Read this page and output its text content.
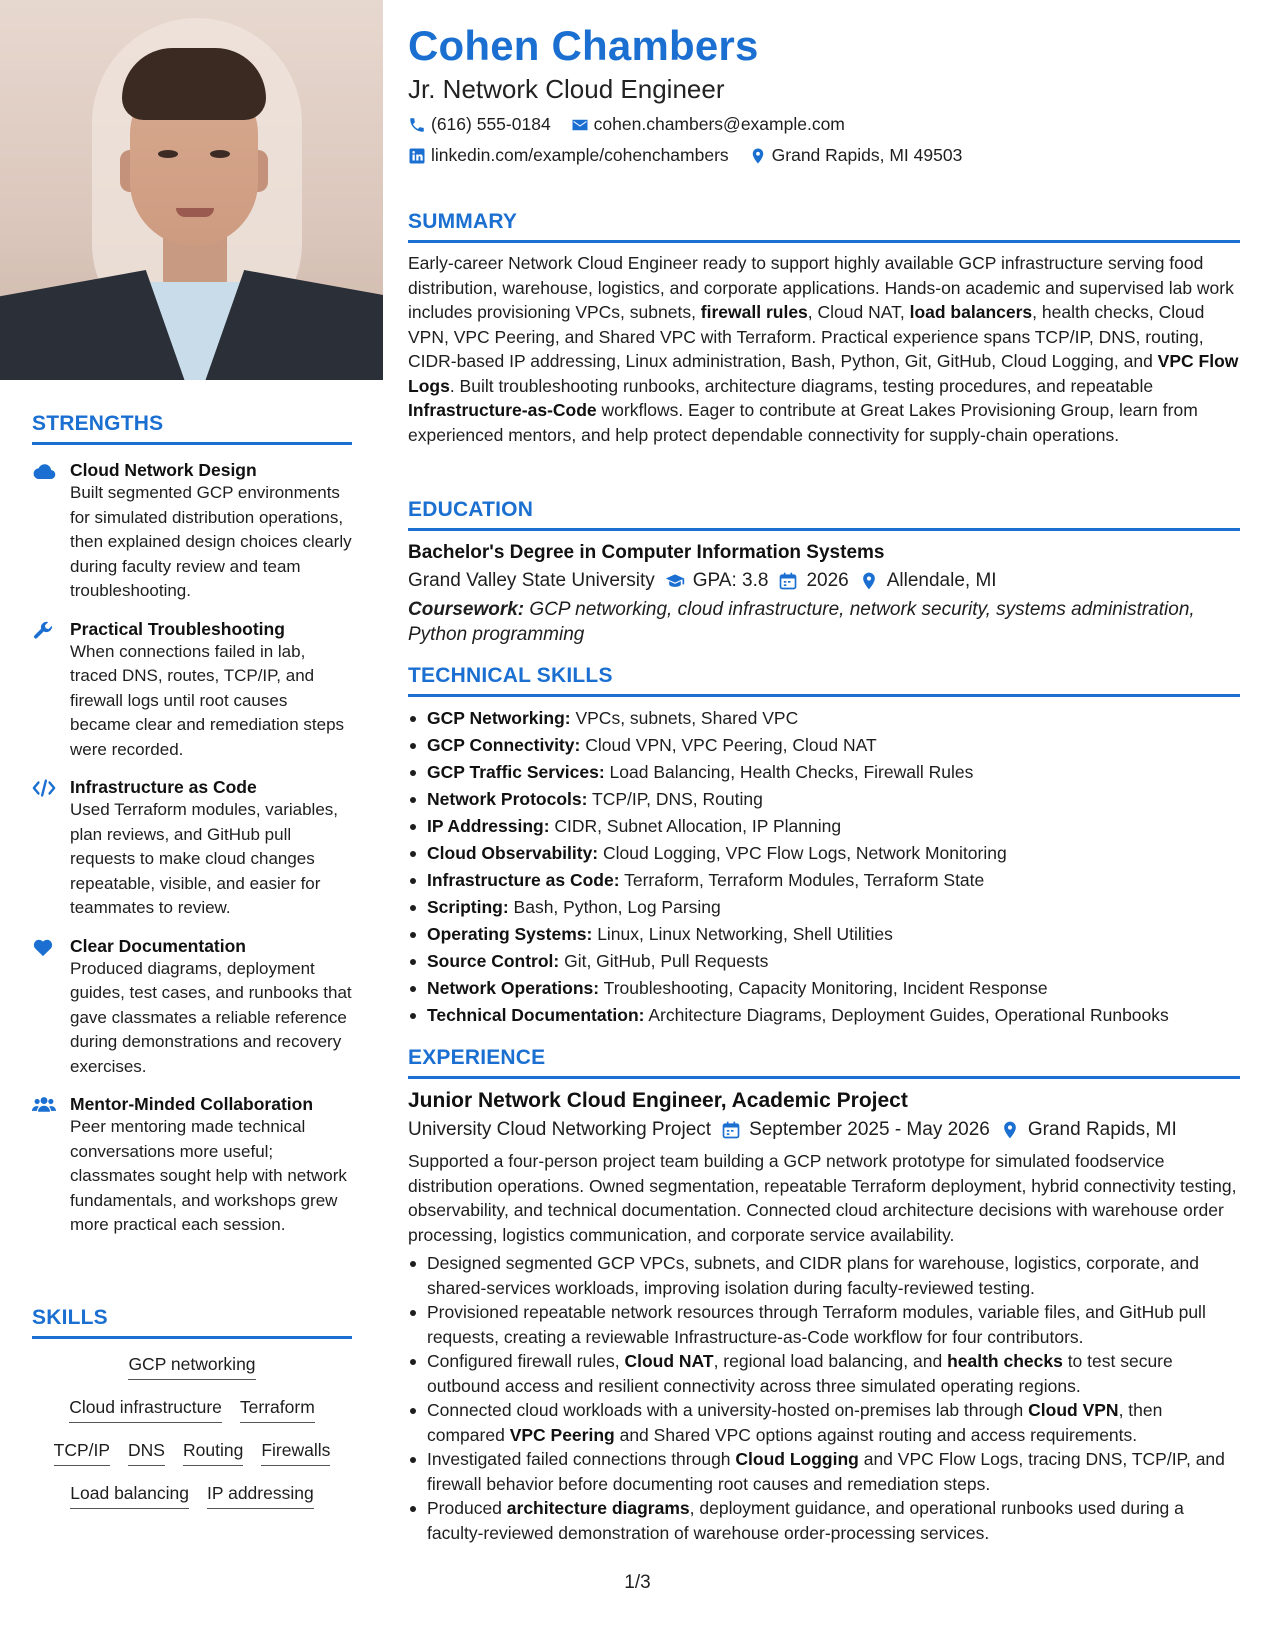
STRENGTHS
Cloud Network Design
Built segmented GCP environments for simulated distribution operations, then explained design choices clearly during faculty review and team troubleshooting.
Practical Troubleshooting
When connections failed in lab, traced DNS, routes, TCP/IP, and firewall logs until root causes became clear and remediation steps were recorded.
Infrastructure as Code
Used Terraform modules, variables, plan reviews, and GitHub pull requests to make cloud changes repeatable, visible, and easier for teammates to review.
Clear Documentation
Produced diagrams, deployment guides, test cases, and runbooks that gave classmates a reliable reference during demonstrations and recovery exercises.
Mentor-Minded Collaboration
Peer mentoring made technical conversations more useful; classmates sought help with network fundamentals, and workshops grew more practical each session.
SKILLS
GCP networking
Cloud infrastructure Terraform
TCP/IP DNS Routing Firewalls
Load balancing IP addressing
Cohen Chambers
Jr. Network Cloud Engineer
(616) 555-0184 cohen.chambers@example.com
linkedin.com/example/cohenchambers Grand Rapids, MI 49503
SUMMARY
Early-career Network Cloud Engineer ready to support highly available GCP infrastructure serving food distribution, warehouse, logistics, and corporate applications. Hands-on academic and supervised lab work includes provisioning VPCs, subnets, firewall rules, Cloud NAT, load balancers, health checks, Cloud VPN, VPC Peering, and Shared VPC with Terraform. Practical experience spans TCP/IP, DNS, routing, CIDR-based IP addressing, Linux administration, Bash, Python, Git, GitHub, Cloud Logging, and VPC Flow Logs. Built troubleshooting runbooks, architecture diagrams, testing procedures, and repeatable Infrastructure-as-Code workflows. Eager to contribute at Great Lakes Provisioning Group, learn from experienced mentors, and help protect dependable connectivity for supply-chain operations.
EDUCATION
Bachelor's Degree in Computer Information Systems
Grand Valley State University GPA: 3.8 2026 Allendale, MI
Coursework: GCP networking, cloud infrastructure, network security, systems administration, Python programming
TECHNICAL SKILLS
GCP Networking: VPCs, subnets, Shared VPC
GCP Connectivity: Cloud VPN, VPC Peering, Cloud NAT
GCP Traffic Services: Load Balancing, Health Checks, Firewall Rules
Network Protocols: TCP/IP, DNS, Routing
IP Addressing: CIDR, Subnet Allocation, IP Planning
Cloud Observability: Cloud Logging, VPC Flow Logs, Network Monitoring
Infrastructure as Code: Terraform, Terraform Modules, Terraform State
Scripting: Bash, Python, Log Parsing
Operating Systems: Linux, Linux Networking, Shell Utilities
Source Control: Git, GitHub, Pull Requests
Network Operations: Troubleshooting, Capacity Monitoring, Incident Response
Technical Documentation: Architecture Diagrams, Deployment Guides, Operational Runbooks
EXPERIENCE
Junior Network Cloud Engineer, Academic Project
University Cloud Networking Project September 2025 - May 2026 Grand Rapids, MI
Supported a four-person project team building a GCP network prototype for simulated foodservice distribution operations. Owned segmentation, repeatable Terraform deployment, hybrid connectivity testing, observability, and technical documentation. Connected cloud architecture decisions with warehouse order processing, logistics communication, and corporate service availability.
Designed segmented GCP VPCs, subnets, and CIDR plans for warehouse, logistics, corporate, and shared-services workloads, improving isolation during faculty-reviewed testing.
Provisioned repeatable network resources through Terraform modules, variable files, and GitHub pull requests, creating a reviewable Infrastructure-as-Code workflow for four contributors.
Configured firewall rules, Cloud NAT, regional load balancing, and health checks to test secure outbound access and resilient connectivity across three simulated operating regions.
Connected cloud workloads with a university-hosted on-premises lab through Cloud VPN, then compared VPC Peering and Shared VPC options against routing and access requirements.
Investigated failed connections through Cloud Logging and VPC Flow Logs, tracing DNS, TCP/IP, and firewall behavior before documenting root causes and remediation steps.
Produced architecture diagrams, deployment guidance, and operational runbooks used during a faculty-reviewed demonstration of warehouse order-processing services.
1/3
